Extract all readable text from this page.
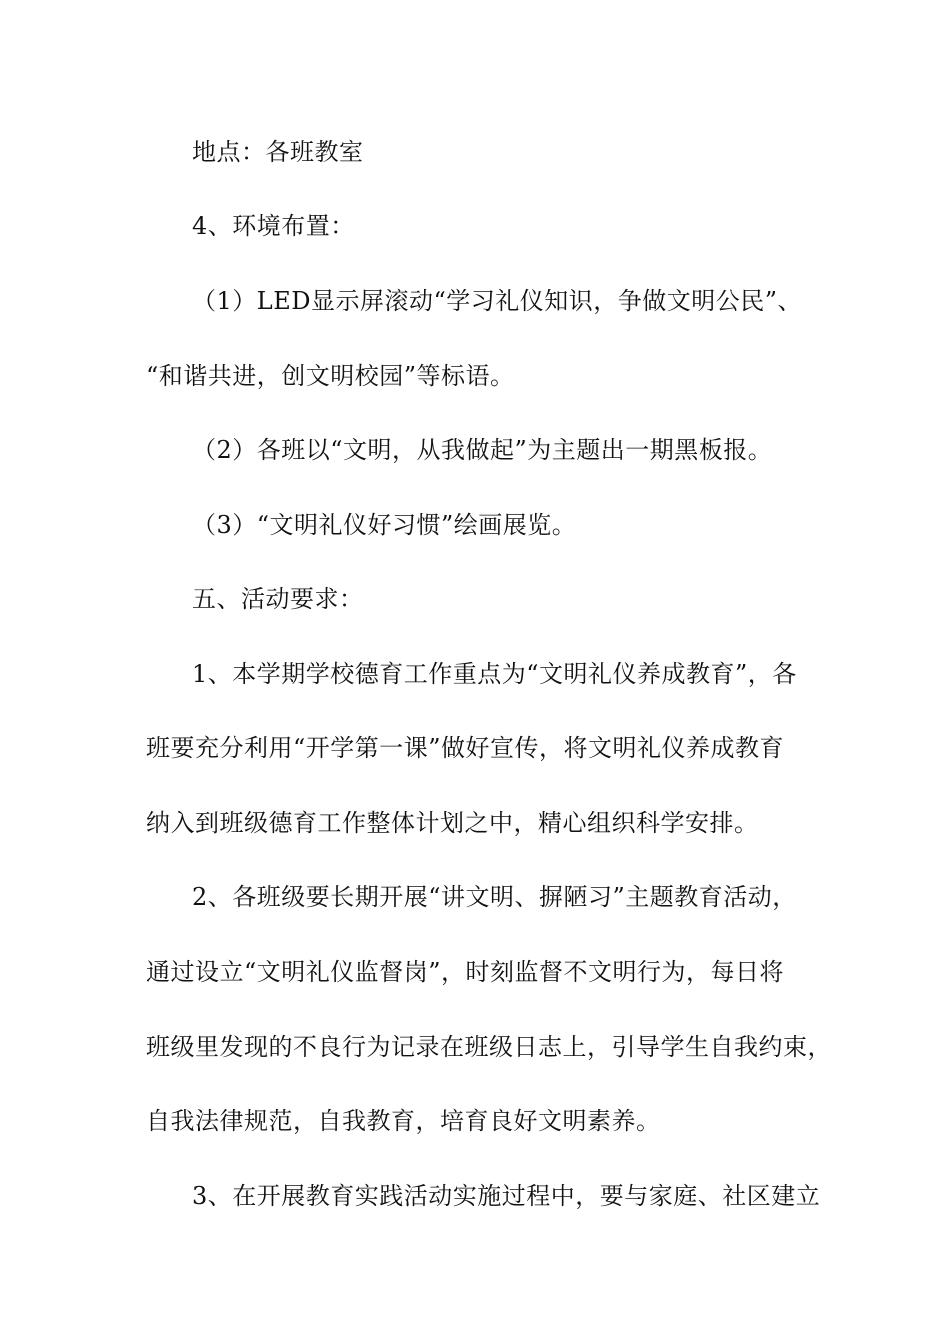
地点：各班教室
4、环境布置：
（1）LED显示屏滚动“学习礼仪知识，争做文明公民”、
“和谐共进，创文明校园”等标语。
（2）各班以“文明，从我做起”为主题出一期黑板报。
（3）“文明礼仪好习惯”绘画展览。
五、活动要求：
1、本学期学校德育工作重点为“文明礼仪养成教育”，各
班要充分利用“开学第一课”做好宣传，将文明礼仪养成教育
纳入到班级德育工作整体计划之中，精心组织科学安排。
2、各班级要长期开展“讲文明、摒陋习”主题教育活动，
通过设立“文明礼仪监督岗”，时刻监督不文明行为，每日将
班级里发现的不良行为记录在班级日志上，引导学生自我约束，
自我法律规范，自我教育，培育良好文明素养。
3、在开展教育实践活动实施过程中，要与家庭、社区建立
